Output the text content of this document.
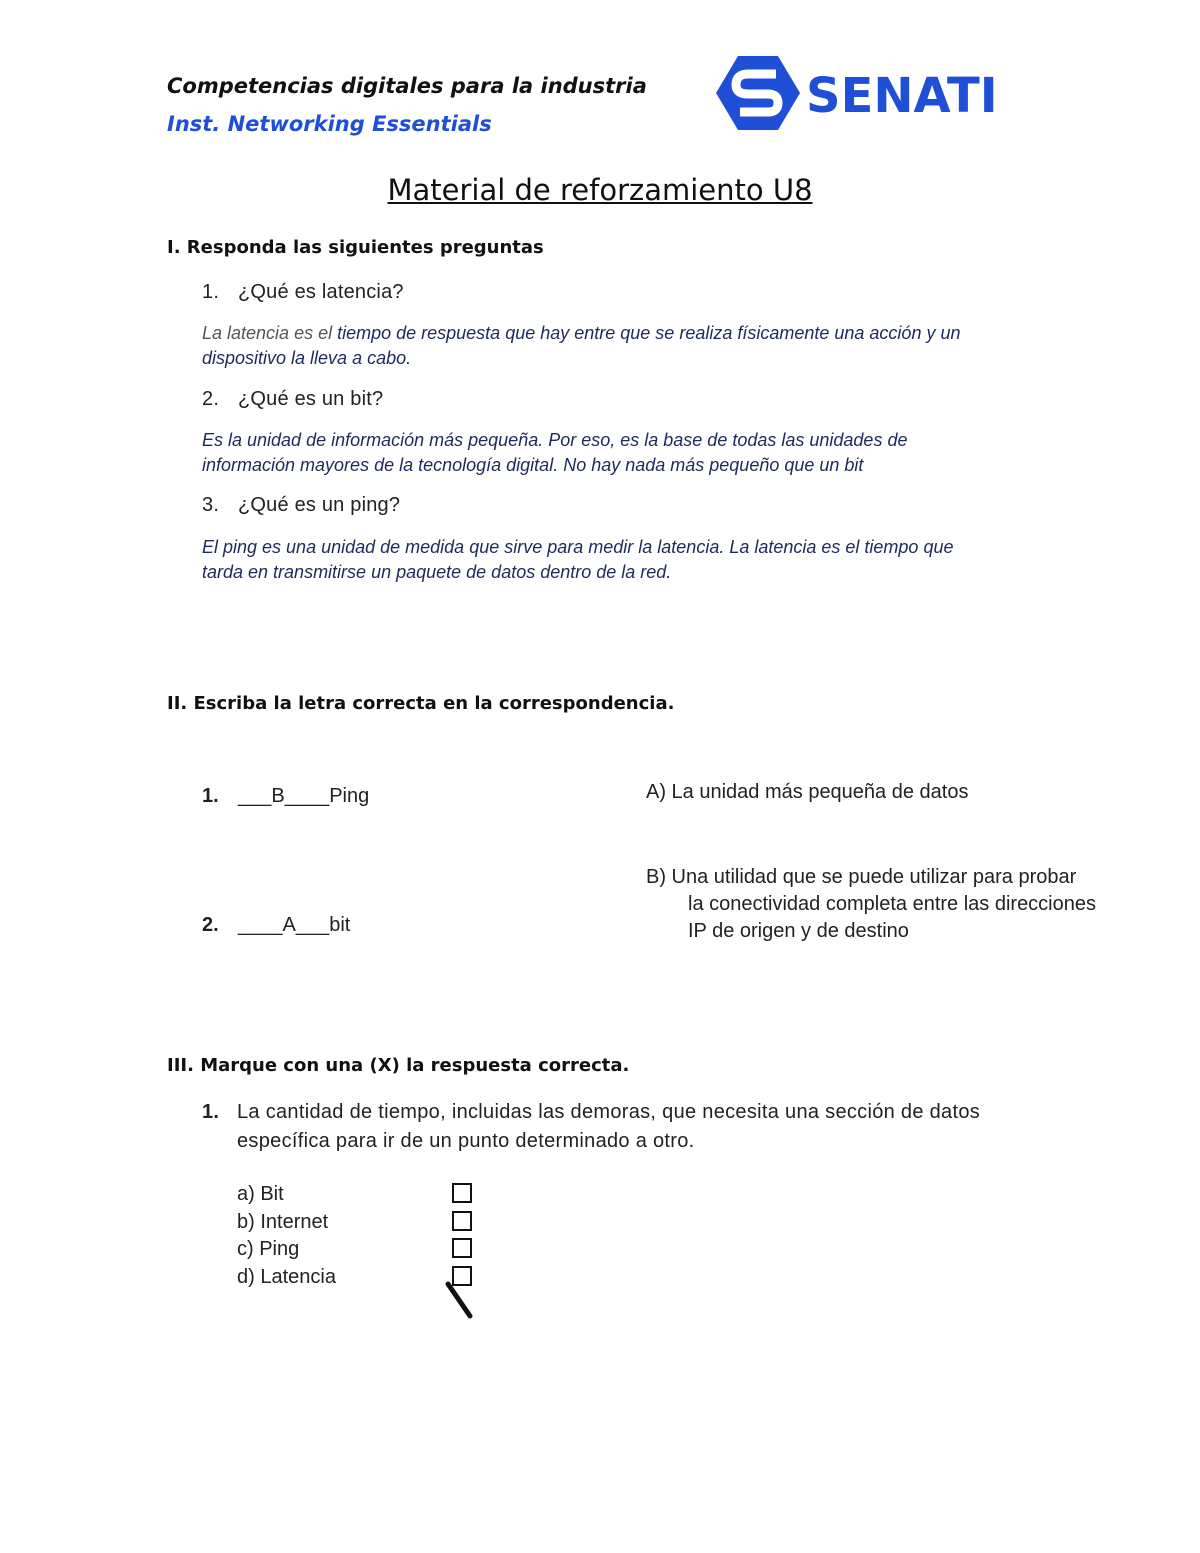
Competencias digitales para la industria
Inst. Networking Essentials	SENATI
Material de reforzamiento U8
I. Responda las siguientes preguntas
1. ¿Qué es latencia?
La latencia es el tiempo de respuesta que hay entre que se realiza físicamente una acción y un
dispositivo la lleva a cabo.
2. ¿Qué es un bit?
Es la unidad de información más pequeña. Por eso, es la base de todas las unidades de
información mayores de la tecnología digital. No hay nada más pequeño que un bit
3. ¿Qué es un ping?
El ping es una unidad de medida que sirve para medir la latencia. La latencia es el tiempo que
tarda en transmitirse un paquete de datos dentro de la red.
II. Escriba la letra correcta en la correspondencia.
1. ___B____Ping
2. ____A___bit
A) La unidad más pequeña de datos
B) Una utilidad que se puede utilizar para probar
la conectividad completa entre las direcciones
IP de origen y de destino
III. Marque con una (X) la respuesta correcta.
1. La cantidad de tiempo, incluidas las demoras, que necesita una sección de datos
específica para ir de un punto determinado a otro.
a) Bit
b) Internet
c) Ping
d) Latencia
